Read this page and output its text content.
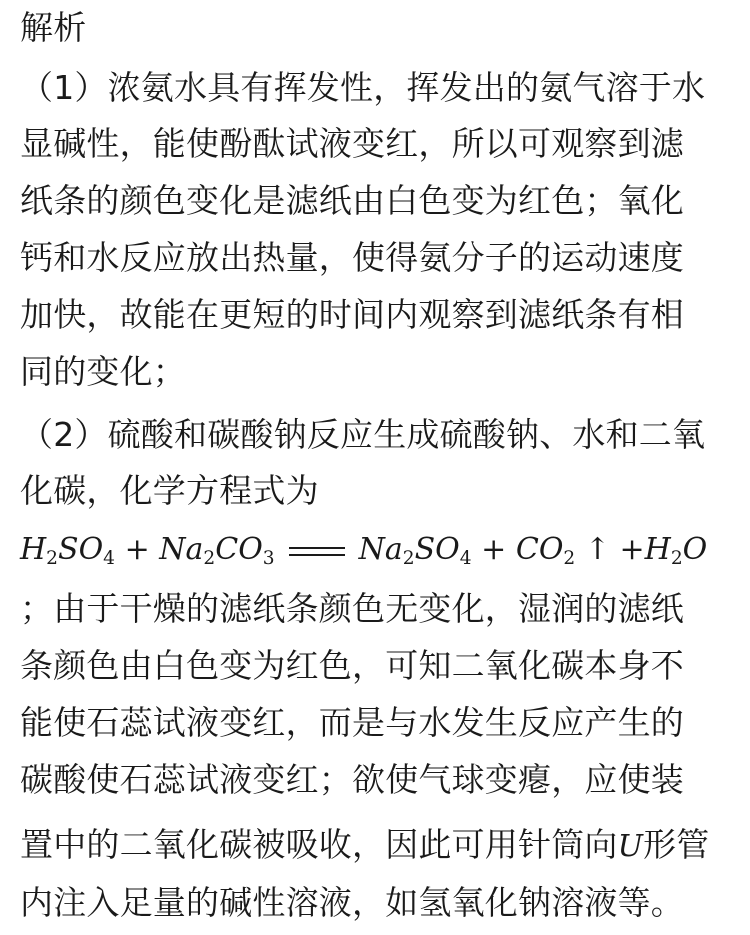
解析
（1）浓氨水具有挥发性，挥发出的氨气溶于水
显碱性，能使酚酞试液变红，所以可观察到滤
纸条的颜色变化是滤纸由白色变为红色；氧化
钙和水反应放出热量，使得氨分子的运动速度
加快，故能在更短的时间内观察到滤纸条有相
同的变化；
（2）硫酸和碳酸钠反应生成硫酸钠、水和二氧
化碳，化学方程式为
$H_2SO_4 + Na_2CO_3$	$Na_2SO_4 + CO_2$ ↑ $+H_2O$
；由于干燥的滤纸条颜色无变化，湿润的滤纸
条颜色由白色变为红色，可知二氧化碳本身不
能使石蕊试液变红，而是与水发生反应产生的
碳酸使石蕊试液变红；欲使气球变瘪，应使装
置中的二氧化碳被吸收，因此可用针筒向U形管
内注入足量的碱性溶液，如氢氧化钠溶液等。
